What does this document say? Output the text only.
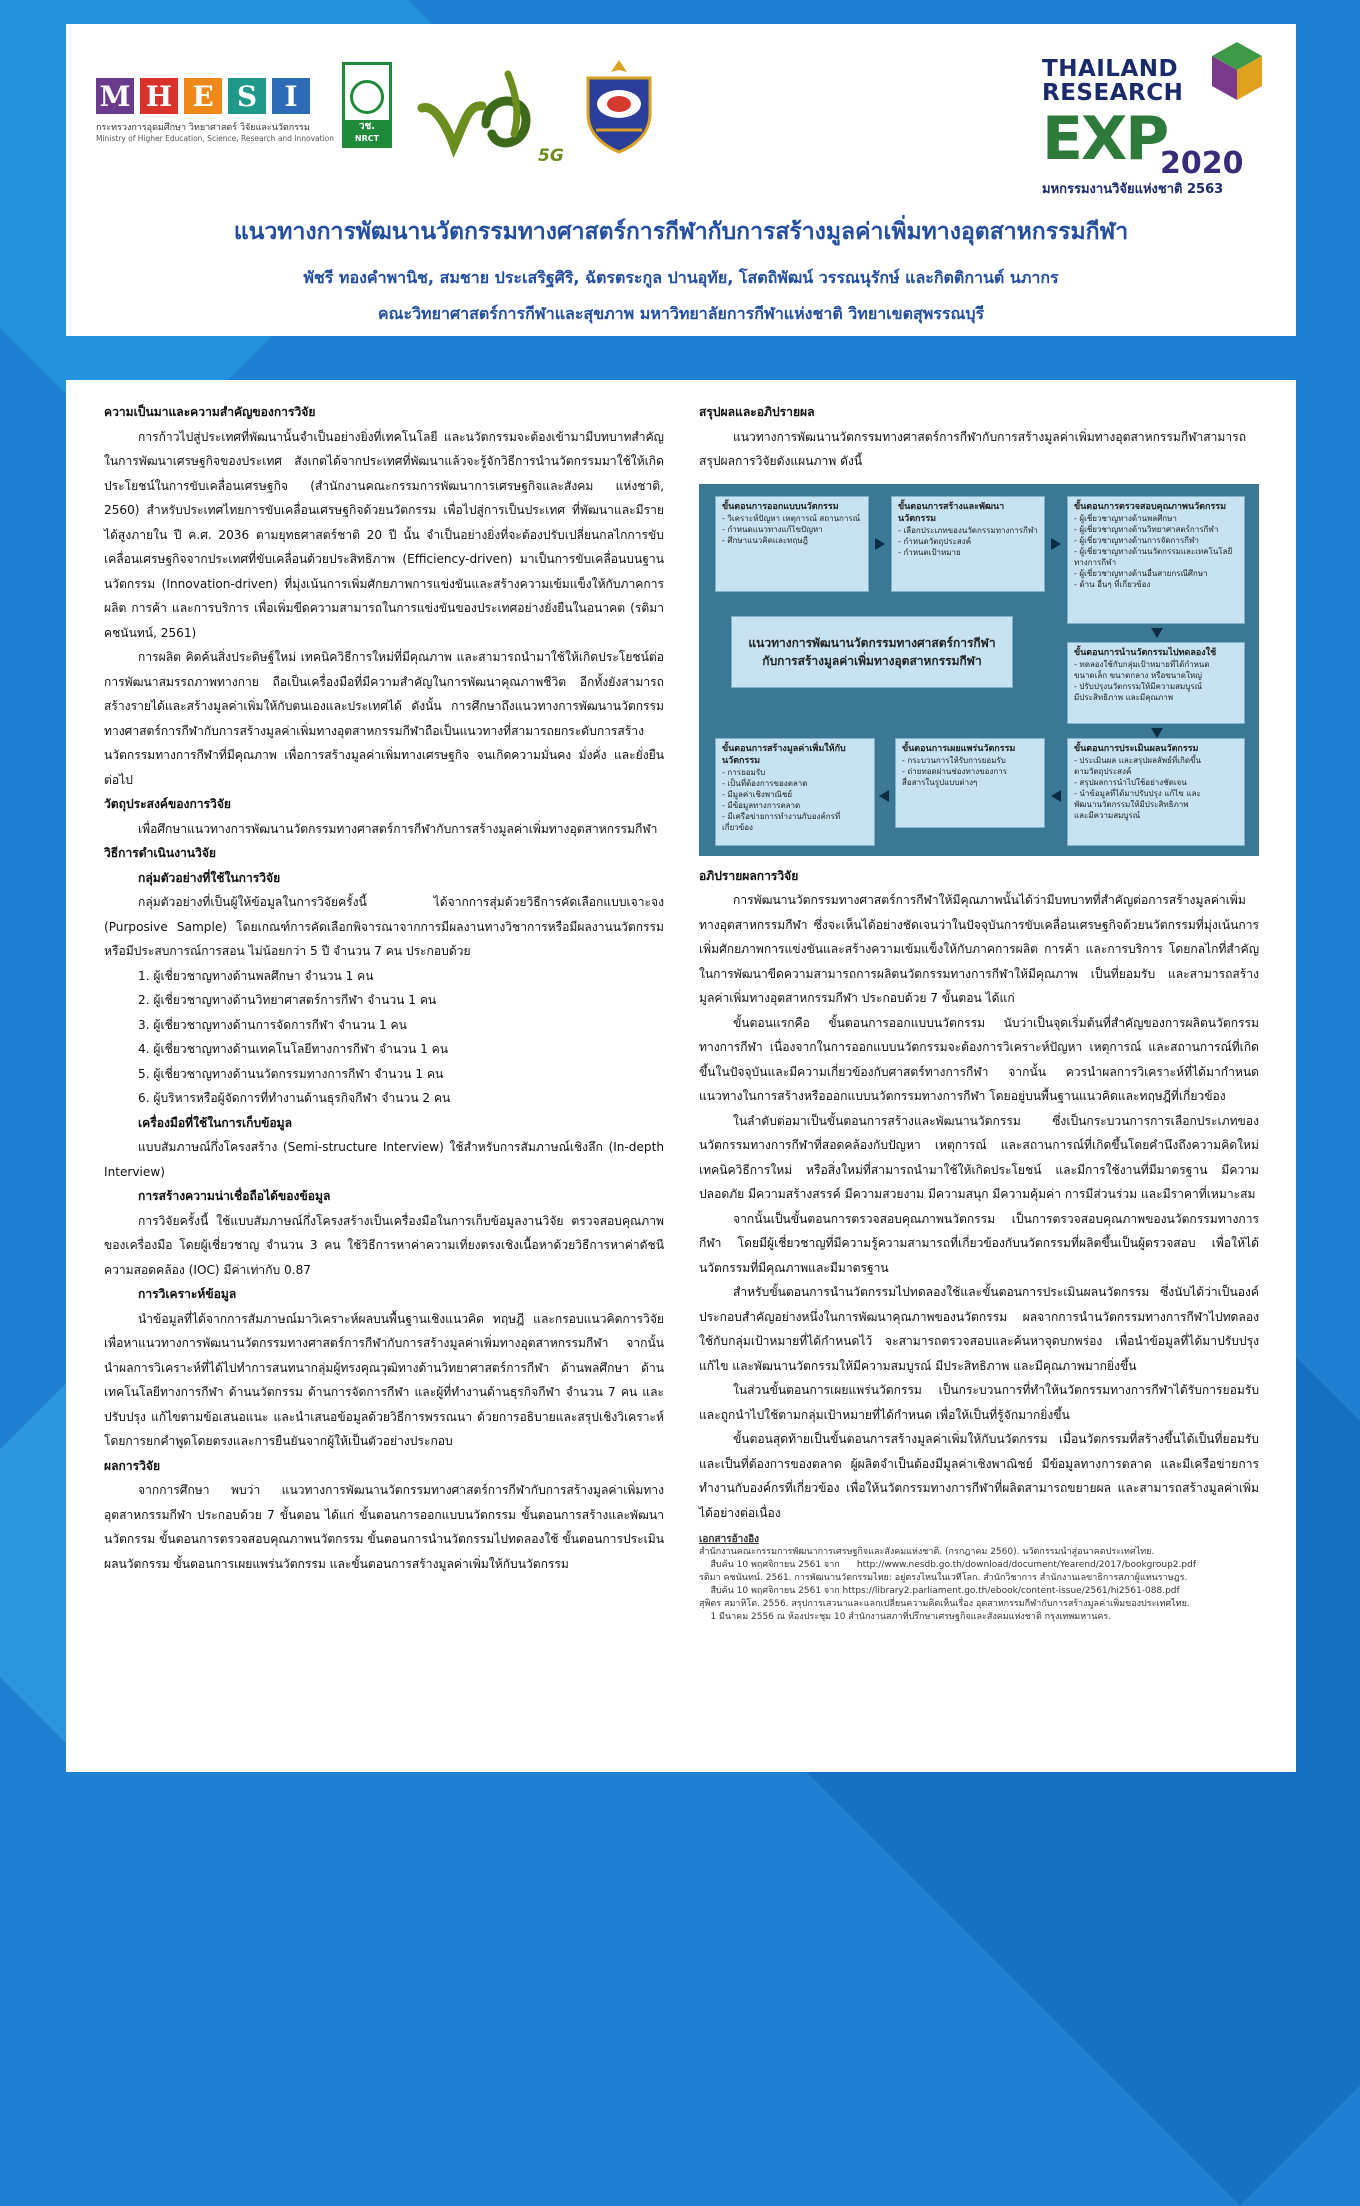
M H E S I
กระทรวงการอุดมศึกษา วิทยาศาสตร์ วิจัยและนวัตกรรม
Ministry of Higher Education, Science, Research and Innovation
วช.
NRCT
5G
THAILAND
RESEARCH
EXP
2020
มหกรรมงานวิจัยแห่งชาติ 2563
แนวทางการพัฒนานวัตกรรมทางศาสตร์การกีฬากับการสร้างมูลค่าเพิ่มทางอุตสาหกรรมกีฬา
พัชรี ทองคำพานิช, สมชาย ประเสริฐศิริ, ฉัตรตระกูล ปานอุทัย, โสตถิพัฒน์ วรรณนุรักษ์ และกิตติกานต์ นภากร
คณะวิทยาศาสตร์การกีฬาและสุขภาพ มหาวิทยาลัยการกีฬาแห่งชาติ วิทยาเขตสุพรรณบุรี
ความเป็นมาและความสำคัญของการวิจัย

การก้าวไปสู่ประเทศที่พัฒนานั้นจำเป็นอย่างยิ่งที่เทคโนโลยี และนวัตกรรมจะต้องเข้ามามีบทบาทสำคัญในการพัฒนาเศรษฐกิจของประเทศ สังเกตได้จากประเทศที่พัฒนาแล้วจะรู้จักวิธีการนำนวัตกรรมมาใช้ให้เกิดประโยชน์ในการขับเคลื่อนเศรษฐกิจ (สำนักงานคณะกรรมการพัฒนาการเศรษฐกิจและสังคม แห่งชาติ, 2560) สำหรับประเทศไทยการขับเคลื่อนเศรษฐกิจด้วยนวัตกรรม เพื่อไปสู่การเป็นประเทศ ที่พัฒนาและมีรายได้สูงภายใน ปี ค.ศ. 2036 ตามยุทธศาสตร์ชาติ 20 ปี นั้น จำเป็นอย่างยิ่งที่จะต้องปรับเปลี่ยนกลไกการขับเคลื่อนเศรษฐกิจจากประเทศที่ขับเคลื่อนด้วยประสิทธิภาพ (Efficiency-driven) มาเป็นการขับเคลื่อนบนฐานนวัตกรรม (Innovation-driven) ที่มุ่งเน้นการเพิ่มศักยภาพการแข่งขันและสร้างความเข้มแข็งให้กับภาคการผลิต การค้า และการบริการ เพื่อเพิ่มขีดความสามารถในการแข่งขันของประเทศอย่างยั่งยืนในอนาคต (รติมา คชนันทน์, 2561)

การผลิต คิดค้นสิ่งประดิษฐ์ใหม่ เทคนิควิธีการใหม่ที่มีคุณภาพ และสามารถนำมาใช้ให้เกิดประโยชน์ต่อการพัฒนาสมรรถภาพทางกาย ถือเป็นเครื่องมือที่มีความสำคัญในการพัฒนาคุณภาพชีวิต อีกทั้งยังสามารถสร้างรายได้และสร้างมูลค่าเพิ่มให้กับตนเองและประเทศได้ ดังนั้น การศึกษาถึงแนวทางการพัฒนานวัตกรรมทางศาสตร์การกีฬากับการสร้างมูลค่าเพิ่มทางอุตสาหกรรมกีฬาถือเป็นแนวทางที่สามารถยกระดับการสร้างนวัตกรรมทางการกีฬาที่มีคุณภาพ เพื่อการสร้างมูลค่าเพิ่มทางเศรษฐกิจ จนเกิดความมั่นคง มั่งคั่ง และยั่งยืนต่อไป

วัตถุประสงค์ของการวิจัย

เพื่อศึกษาแนวทางการพัฒนานวัตกรรมทางศาสตร์การกีฬากับการสร้างมูลค่าเพิ่มทางอุตสาหกรรมกีฬา

วิธีการดำเนินงานวิจัย
กลุ่มตัวอย่างที่ใช้ในการวิจัย

กลุ่มตัวอย่างที่เป็นผู้ให้ข้อมูลในการวิจัยครั้งนี้ ได้จากการสุ่มด้วยวิธีการคัดเลือกแบบเจาะจง (Purposive Sample) โดยเกณฑ์การคัดเลือกพิจารณาจากการมีผลงานทางวิชาการหรือมีผลงานนวัตกรรมหรือมีประสบการณ์การสอน ไม่น้อยกว่า 5 ปี จำนวน 7 คน ประกอบด้วย

1. ผู้เชี่ยวชาญทางด้านพลศึกษา จำนวน 1 คน

2. ผู้เชี่ยวชาญทางด้านวิทยาศาสตร์การกีฬา จำนวน 1 คน

3. ผู้เชี่ยวชาญทางด้านการจัดการกีฬา จำนวน 1 คน

4. ผู้เชี่ยวชาญทางด้านเทคโนโลยีทางการกีฬา จำนวน 1 คน

5. ผู้เชี่ยวชาญทางด้านนวัตกรรมทางการกีฬา จำนวน 1 คน

6. ผู้บริหารหรือผู้จัดการที่ทำงานด้านธุรกิจกีฬา จำนวน 2 คน

เครื่องมือที่ใช้ในการเก็บข้อมูล

แบบสัมภาษณ์กึ่งโครงสร้าง (Semi-structure Interview) ใช้สำหรับการสัมภาษณ์เชิงลึก (In-depth Interview)

การสร้างความน่าเชื่อถือได้ของข้อมูล

การวิจัยครั้งนี้ ใช้แบบสัมภาษณ์กึ่งโครงสร้างเป็นเครื่องมือในการเก็บข้อมูลงานวิจัย ตรวจสอบคุณภาพของเครื่องมือ โดยผู้เชี่ยวชาญ จำนวน 3 คน ใช้วิธีการหาค่าความเที่ยงตรงเชิงเนื้อหาด้วยวิธีการหาค่าดัชนีความสอดคล้อง (IOC) มีค่าเท่ากับ 0.87

การวิเคราะห์ข้อมูล

นำข้อมูลที่ได้จากการสัมภาษณ์มาวิเคราะห์ผลบนพื้นฐานเชิงแนวคิด ทฤษฎี และกรอบแนวคิดการวิจัย เพื่อหาแนวทางการพัฒนานวัตกรรมทางศาสตร์การกีฬากับการสร้างมูลค่าเพิ่มทางอุตสาหกรรมกีฬา จากนั้น นำผลการวิเคราะห์ที่ได้ไปทำการสนทนากลุ่มผู้ทรงคุณวุฒิทางด้านวิทยาศาสตร์การกีฬา ด้านพลศึกษา ด้านเทคโนโลยีทางการกีฬา ด้านนวัตกรรม ด้านการจัดการกีฬา และผู้ที่ทำงานด้านธุรกิจกีฬา จำนวน 7 คน และปรับปรุง แก้ไขตามข้อเสนอแนะ และนำเสนอข้อมูลด้วยวิธีการพรรณนา ด้วยการอธิบายและสรุปเชิงวิเคราะห์ โดยการยกคำพูดโดยตรงและการยืนยันจากผู้ให้เป็นตัวอย่างประกอบ

ผลการวิจัย

จากการศึกษา พบว่า แนวทางการพัฒนานวัตกรรมทางศาสตร์การกีฬากับการสร้างมูลค่าเพิ่มทางอุตสาหกรรมกีฬา ประกอบด้วย 7 ขั้นตอน ได้แก่ ขั้นตอนการออกแบบนวัตกรรม ขั้นตอนการสร้างและพัฒนานวัตกรรม ขั้นตอนการตรวจสอบคุณภาพนวัตกรรม ขั้นตอนการนำนวัตกรรมไปทดลองใช้ ขั้นตอนการประเมินผลนวัตกรรม ขั้นตอนการเผยแพร่นวัตกรรม และขั้นตอนการสร้างมูลค่าเพิ่มให้กับนวัตกรรม

สรุปผลและอภิปรายผล

แนวทางการพัฒนานวัตกรรมทางศาสตร์การกีฬากับการสร้างมูลค่าเพิ่มทางอุตสาหกรรมกีฬาสามารถสรุปผลการวิจัยดังแผนภาพ ดังนี้

ขั้นตอนการออกแบบนวัตกรรม
- วิเคราะห์ปัญหา เหตุการณ์ สถานการณ์
- กำหนดแนวทางแก้ไขปัญหา
- ศึกษาแนวคิดและทฤษฎี
ขั้นตอนการสร้างและพัฒนานวัตกรรม
- เลือกประเภทของนวัตกรรมทางการกีฬา
- กำหนดวัตถุประสงค์
- กำหนดเป้าหมาย
ขั้นตอนการตรวจสอบคุณภาพนวัตกรรม
- ผู้เชี่ยวชาญทางด้านพลศึกษา
- ผู้เชี่ยวชาญทางด้านวิทยาศาสตร์การกีฬา
- ผู้เชี่ยวชาญทางด้านการจัดการกีฬา
- ผู้เชี่ยวชาญทางด้านนวัตกรรมและเทคโนโลยีทางการกีฬา
- ผู้เชี่ยวชาญทางด้านอื่นสายกรณีศึกษา
- ด้าน อื่นๆ ที่เกี่ยวข้อง
แนวทางการพัฒนานวัตกรรมทางศาสตร์การกีฬา
กับการสร้างมูลค่าเพิ่มทางอุตสาหกรรมกีฬา
ขั้นตอนการนำนวัตกรรมไปทดลองใช้
- ทดลองใช้กับกลุ่มเป้าหมายที่ได้กำหนด
ขนาดเล็ก ขนาดกลาง หรือขนาดใหญ่
- ปรับปรุงนวัตกรรมให้มีความสมบูรณ์
มีประสิทธิภาพ และมีคุณภาพ
ขั้นตอนการสร้างมูลค่าเพิ่มให้กับนวัตกรรม
- การยอมรับ
- เป็นที่ต้องการของตลาด
- มีมูลค่าเชิงพาณิชย์
- มีข้อมูลทางการตลาด
- มีเครือข่ายการทำงานกับองค์กรที่เกี่ยวข้อง
ขั้นตอนการเผยแพร่นวัตกรรม
- กระบวนการให้รับการยอมรับ
- ถ่ายทอดผ่านช่องทางของการ
สื่อสารในรูปแบบต่างๆ
ขั้นตอนการประเมินผลนวัตกรรม
- ประเมินผล และสรุปผลลัพธ์ที่เกิดขึ้น
ตามวัตถุประสงค์
- สรุปผลการนำไปใช้อย่างชัดเจน
- นำข้อมูลที่ได้มาปรับปรุง แก้ไข และ
พัฒนานวัตกรรมให้มีประสิทธิภาพ
และมีความสมบูรณ์
อภิปรายผลการวิจัย

การพัฒนานวัตกรรมทางศาสตร์การกีฬาให้มีคุณภาพนั้นได้ว่ามีบทบาทที่สำคัญต่อการสร้างมูลค่าเพิ่มทางอุตสาหกรรมกีฬา ซึ่งจะเห็นได้อย่างชัดเจนว่าในปัจจุบันการขับเคลื่อนเศรษฐกิจด้วยนวัตกรรมที่มุ่งเน้นการเพิ่มศักยภาพการแข่งขันและสร้างความเข้มแข็งให้กับภาคการผลิต การค้า และการบริการ โดยกลไกที่สำคัญในการพัฒนาขีดความสามารถการผลิตนวัตกรรมทางการกีฬาให้มีคุณภาพ เป็นที่ยอมรับ และสามารถสร้างมูลค่าเพิ่มทางอุตสาหกรรมกีฬา ประกอบด้วย 7 ขั้นตอน ได้แก่

ขั้นตอนแรกคือ ขั้นตอนการออกแบบนวัตกรรม นับว่าเป็นจุดเริ่มต้นที่สำคัญของการผลิตนวัตกรรมทางการกีฬา เนื่องจากในการออกแบบนวัตกรรมจะต้องการวิเคราะห์ปัญหา เหตุการณ์ และสถานการณ์ที่เกิดขึ้นในปัจจุบันและมีความเกี่ยวข้องกับศาสตร์ทางการกีฬา จากนั้น ควรนำผลการวิเคราะห์ที่ได้มากำหนดแนวทางในการสร้างหรือออกแบบนวัตกรรมทางการกีฬา โดยอยู่บนพื้นฐานแนวคิดและทฤษฎีที่เกี่ยวข้อง

ในลำดับต่อมาเป็นขั้นตอนการสร้างและพัฒนานวัตกรรม ซึ่งเป็นกระบวนการการเลือกประเภทของนวัตกรรมทางการกีฬาที่สอดคล้องกับปัญหา เหตุการณ์ และสถานการณ์ที่เกิดขึ้นโดยคำนึงถึงความคิดใหม่ เทคนิควิธีการใหม่ หรือสิ่งใหม่ที่สามารถนำมาใช้ให้เกิดประโยชน์ และมีการใช้งานที่มีมาตรฐาน มีความปลอดภัย มีความสร้างสรรค์ มีความสวยงาม มีความสนุก มีความคุ้มค่า การมีส่วนร่วม และมีราคาที่เหมาะสม

จากนั้นเป็นขั้นตอนการตรวจสอบคุณภาพนวัตกรรม เป็นการตรวจสอบคุณภาพของนวัตกรรมทางการกีฬา โดยมีผู้เชี่ยวชาญที่มีความรู้ความสามารถที่เกี่ยวข้องกับนวัตกรรมที่ผลิตขึ้นเป็นผู้ตรวจสอบ เพื่อให้ได้นวัตกรรมที่มีคุณภาพและมีมาตรฐาน

สำหรับขั้นตอนการนำนวัตกรรมไปทดลองใช้และขั้นตอนการประเมินผลนวัตกรรม ซึ่งนับได้ว่าเป็นองค์ประกอบสำคัญอย่างหนึ่งในการพัฒนาคุณภาพของนวัตกรรม ผลจากการนำนวัตกรรมทางการกีฬาไปทดลองใช้กับกลุ่มเป้าหมายที่ได้กำหนดไว้ จะสามารถตรวจสอบและค้นหาจุดบกพร่อง เพื่อนำข้อมูลที่ได้มาปรับปรุง แก้ไข และพัฒนานวัตกรรมให้มีความสมบูรณ์ มีประสิทธิภาพ และมีคุณภาพมากยิ่งขึ้น

ในส่วนขั้นตอนการเผยแพร่นวัตกรรม เป็นกระบวนการที่ทำให้นวัตกรรมทางการกีฬาได้รับการยอมรับและถูกนำไปใช้ตามกลุ่มเป้าหมายที่ได้กำหนด เพื่อให้เป็นที่รู้จักมากยิ่งขึ้น

ขั้นตอนสุดท้ายเป็นขั้นตอนการสร้างมูลค่าเพิ่มให้กับนวัตกรรม เมื่อนวัตกรรมที่สร้างขึ้นได้เป็นที่ยอมรับ และเป็นที่ต้องการของตลาด ผู้ผลิตจำเป็นต้องมีมูลค่าเชิงพาณิชย์ มีข้อมูลทางการตลาด และมีเครือข่ายการทำงานกับองค์กรที่เกี่ยวข้อง เพื่อให้นวัตกรรมทางการกีฬาที่ผลิตสามารถขยายผล และสามารถสร้างมูลค่าเพิ่มได้อย่างต่อเนื่อง

เอกสารอ้างอิง
สำนักงานคณะกรรมการพัฒนาการเศรษฐกิจและสังคมแห่งชาติ. (กรกฎาคม 2560). นวัตกรรมนำสู่อนาคตประเทศไทย.
สืบค้น 10 พฤศจิกายน 2561 จาก      http://www.nesdb.go.th/download/document/Yearend/2017/bookgroup2.pdf
รติมา คชนันทน์. 2561. การพัฒนานวัตกรรมไทย: อยู่ตรงไหนในเวทีโลก. สำนักวิชาการ สำนักงานเลขาธิการสภาผู้แทนราษฎร.
สืบค้น 10 พฤศจิกายน 2561 จาก https://library2.parliament.go.th/ebook/content-issue/2561/hi2561-088.pdf
สุพิตร สมาหิโต. 2556. สรุปการเสวนาและแลกเปลี่ยนความคิดเห็นเรื่อง อุตสาหกรรมกีฬากับการสร้างมูลค่าเพิ่มของประเทศไทย.
1 มีนาคม 2556 ณ ห้องประชุม 10 สำนักงานสภาที่ปรึกษาเศรษฐกิจและสังคมแห่งชาติ กรุงเทพมหานคร.
